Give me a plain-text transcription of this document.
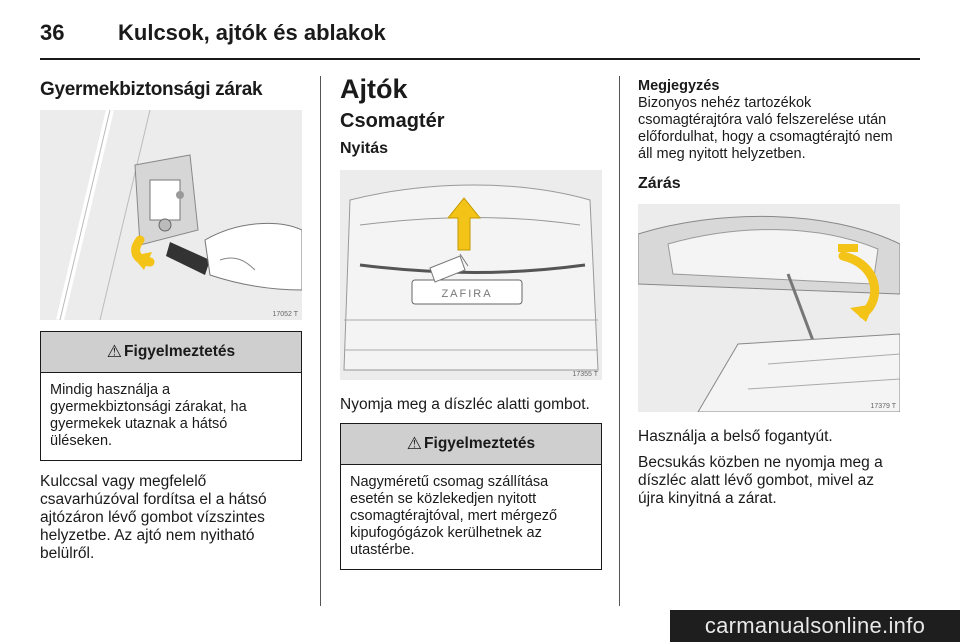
36 Kulcsok, ajtók és ablakok
Gyermekbiztonsági zárak
17052 T
⚠ Figyelmeztetés
Mindig használja a gyermekbiztonsági zárakat, ha gyermekek utaznak a hátsó üléseken.

Kulccsal vagy megfelelő csavarhúzóval fordítsa el a hátsó ajtózáron lévő gombot vízszintes helyzetbe. Az ajtó nem nyitható belülről.

Ajtók
Csomagtér
Nyitás
ZAFIRA
17355 T

Nyomja meg a díszléc alatti gombot.

⚠ Figyelmeztetés
Nagyméretű csomag szállítása esetén se közlekedjen nyitott csomagtérajtóval, mert mérgező kipufogógázok kerülhetnek az utastérbe.
Megjegyzés
Bizonyos nehéz tartozékok csomagtérajtóra való felszerelése után előfordulhat, hogy a csomagtérajtó nem áll meg nyitott helyzetben.
Zárás
17379 T

Használja a belső fogantyút.

Becsukás közben ne nyomja meg a díszléc alatt lévő gombot, mivel az újra kinyitná a zárat.

carmanualsonline.info
